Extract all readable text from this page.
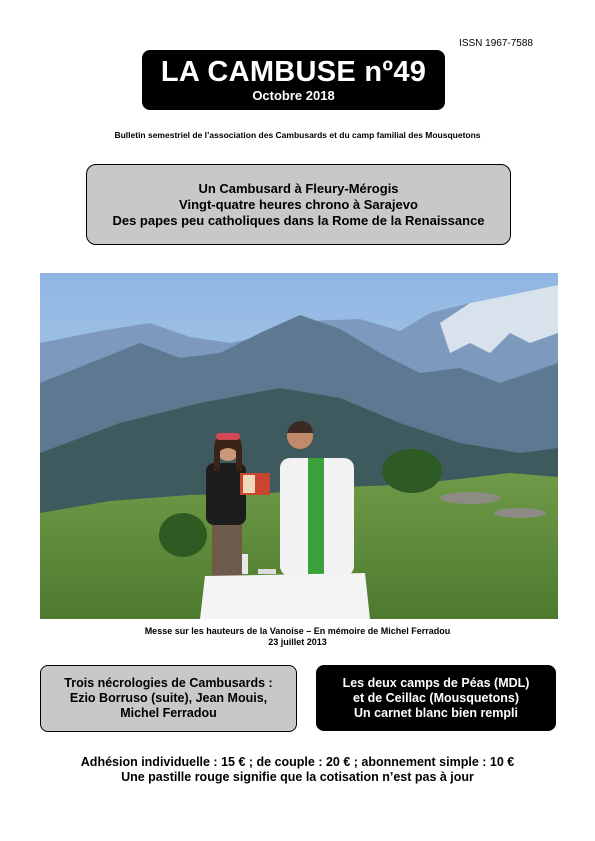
ISSN 1967-7588
LA CAMBUSE nº49
Octobre 2018
Bulletin semestriel de l’association des Cambusards et du camp familial des Mousquetons
Un Cambusard à Fleury-Mérogis
Vingt-quatre heures chrono à Sarajevo
Des papes peu catholiques dans la Rome de la Renaissance
Messe sur les hauteurs de la Vanoise – En mémoire de Michel Ferradou
23 juillet 2013
Trois nécrologies de Cambusards :
Ezio Borruso (suite), Jean Mouis,
Michel Ferradou
Les deux camps de Péas (MDL)
et de Ceillac (Mousquetons)
Un carnet blanc bien rempli
Adhésion individuelle : 15 € ; de couple : 20 € ; abonnement simple : 10 €
Une pastille rouge signifie que la cotisation n’est pas à jour
